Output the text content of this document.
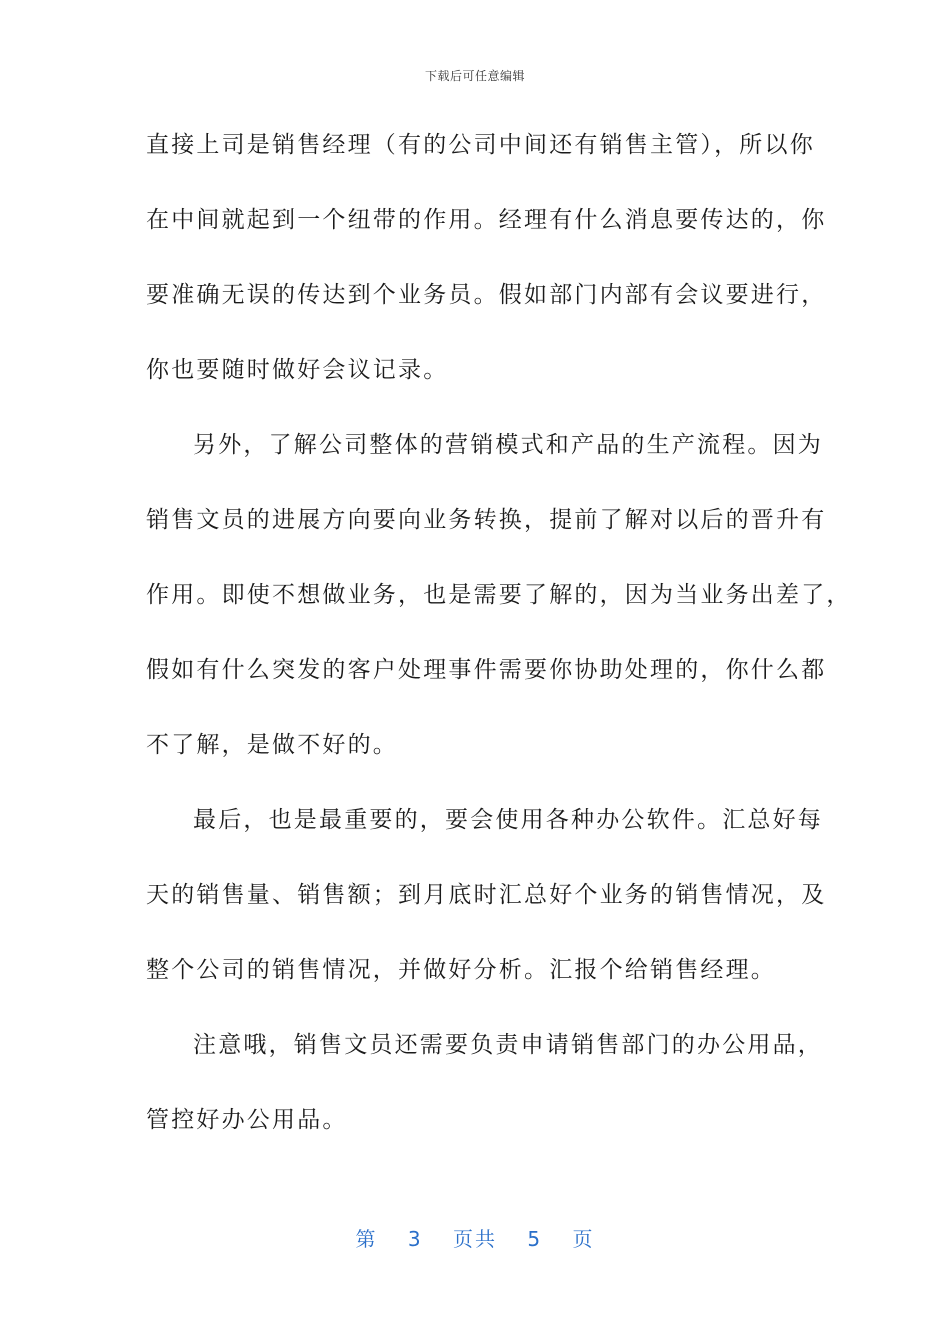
下载后可任意编辑
直接上司是销售经理（有的公司中间还有销售主管），所以你
在中间就起到一个纽带的作用。经理有什么消息要传达的，你
要准确无误的传达到个业务员。假如部门内部有会议要进行，
你也要随时做好会议记录。
另外，了解公司整体的营销模式和产品的生产流程。因为
销售文员的进展方向要向业务转换，提前了解对以后的晋升有
作用。即使不想做业务，也是需要了解的，因为当业务出差了，
假如有什么突发的客户处理事件需要你协助处理的，你什么都
不了解，是做不好的。
最后，也是最重要的，要会使用各种办公软件。汇总好每
天的销售量、销售额；到月底时汇总好个业务的销售情况，及
整个公司的销售情况，并做好分析。汇报个给销售经理。
注意哦，销售文员还需要负责申请销售部门的办公用品，
管控好办公用品。
第 3 页共 5 页
